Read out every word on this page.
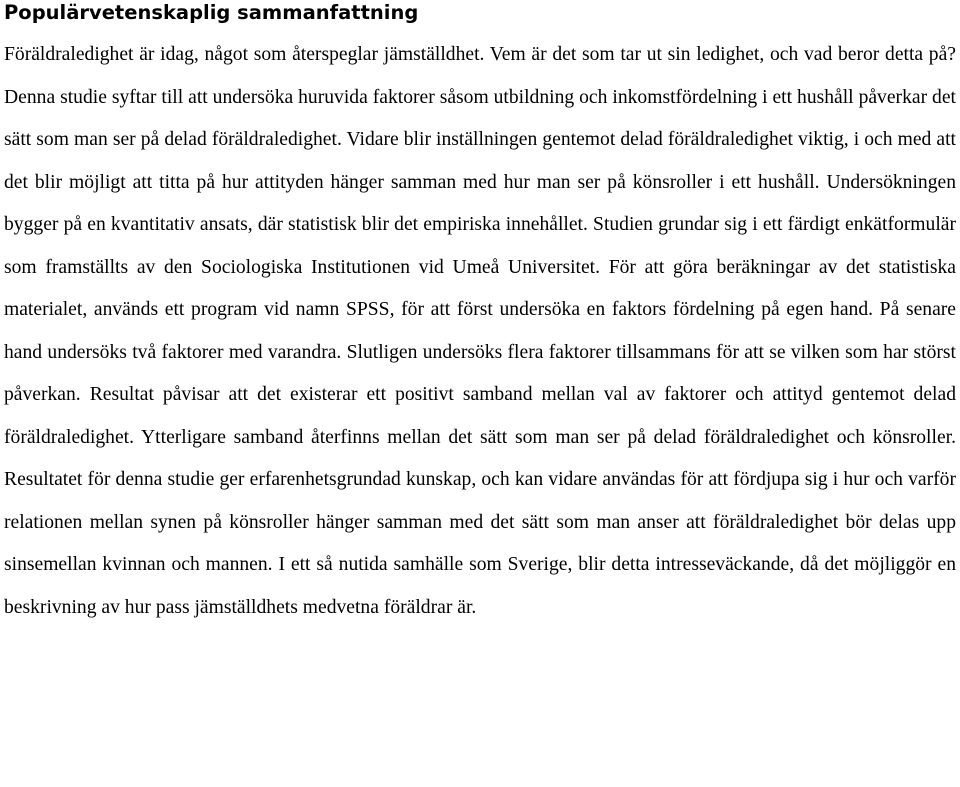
Populärvetenskaplig sammanfattning

Föräldraledighet är idag, något som återspeglar jämställdhet. Vem är det som tar ut sin ledighet, och vad beror detta på? Denna studie syftar till att undersöka huruvida faktorer såsom utbildning och inkomstfördelning i ett hushåll påverkar det sätt som man ser på delad föräldraledighet. Vidare blir inställningen gentemot delad föräldraledighet viktig, i och med att det blir möjligt att titta på hur attityden hänger samman med hur man ser på könsroller i ett hushåll. Undersökningen bygger på en kvantitativ ansats, där statistisk blir det empiriska innehållet. Studien grundar sig i ett färdigt enkätformulär som framställts av den Sociologiska Institutionen vid Umeå Universitet. För att göra beräkningar av det statistiska materialet, används ett program vid namn SPSS, för att först undersöka en faktors fördelning på egen hand. På senare hand undersöks två faktorer med varandra. Slutligen undersöks flera faktorer tillsammans för att se vilken som har störst påverkan. Resultat påvisar att det existerar ett positivt samband mellan val av faktorer och attityd gentemot delad föräldraledighet. Ytterligare samband återfinns mellan det sätt som man ser på delad föräldraledighet och könsroller. Resultatet för denna studie ger erfarenhetsgrundad kunskap, och kan vidare användas för att fördjupa sig i hur och varför relationen mellan synen på könsroller hänger samman med det sätt som man anser att föräldraledighet bör delas upp sinsemellan kvinnan och mannen. I ett så nutida samhälle som Sverige, blir detta intresseväckande, då det möjliggör en beskrivning av hur pass jämställdhets medvetna föräldrar är.
